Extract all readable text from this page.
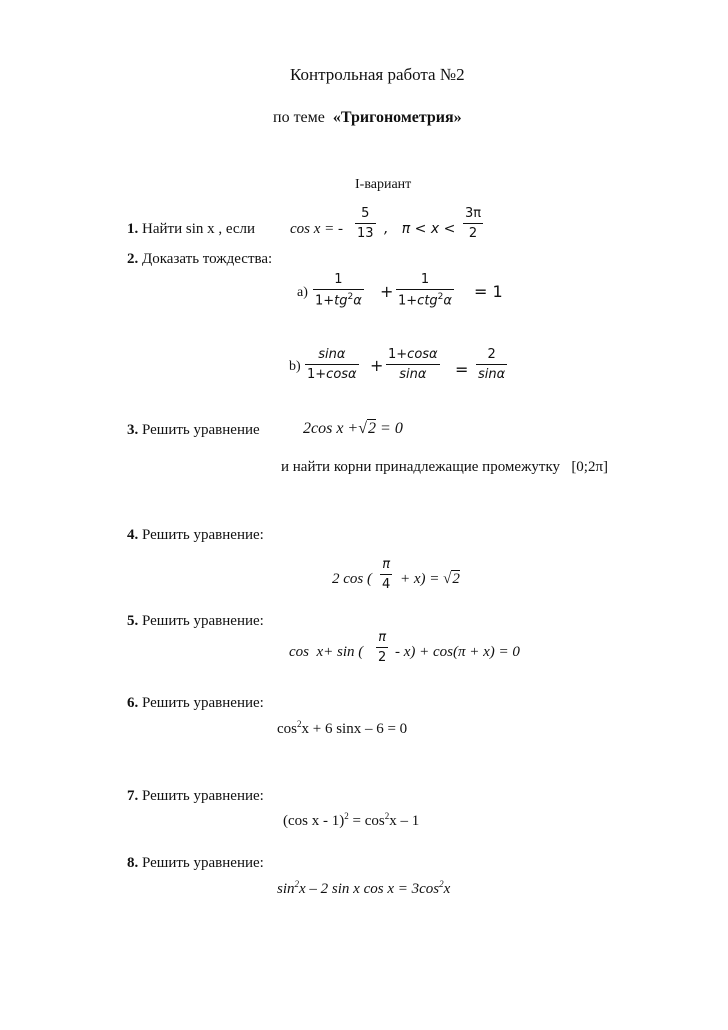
Контрольная работа №2
по теме «Тригонометрия»
I-вариант
1. Найти sin x , если cos x = -
5
13 ,   π < x <
3π
2
2. Доказать тождества:
a)
1
$1+tg^2\alpha$ +
1
1+ctg$^2$α = 1
b)
sinα
1+cosα +
1+cosα
sinα =
2
sinα
3. Решить уравнение	2cos x +√2 = 0
и найти корни принадлежащие промежутку [0;2π]
4. Решить уравнение:
2 cos (
π
4 + x) = √2
5. Решить уравнение:
cos  x+ sin (
π
2 - x) + cos(π + x) = 0
6. Решить уравнение:
$\cos^2x + 6$ sinx – 6 = 0
7. Решить уравнение:
(cos $x - 1)^2 = \cos^2x - 1$
8. Решить уравнение:
$\sin^2x - 2$ sin x $\cos x = 3\cos^2x$
